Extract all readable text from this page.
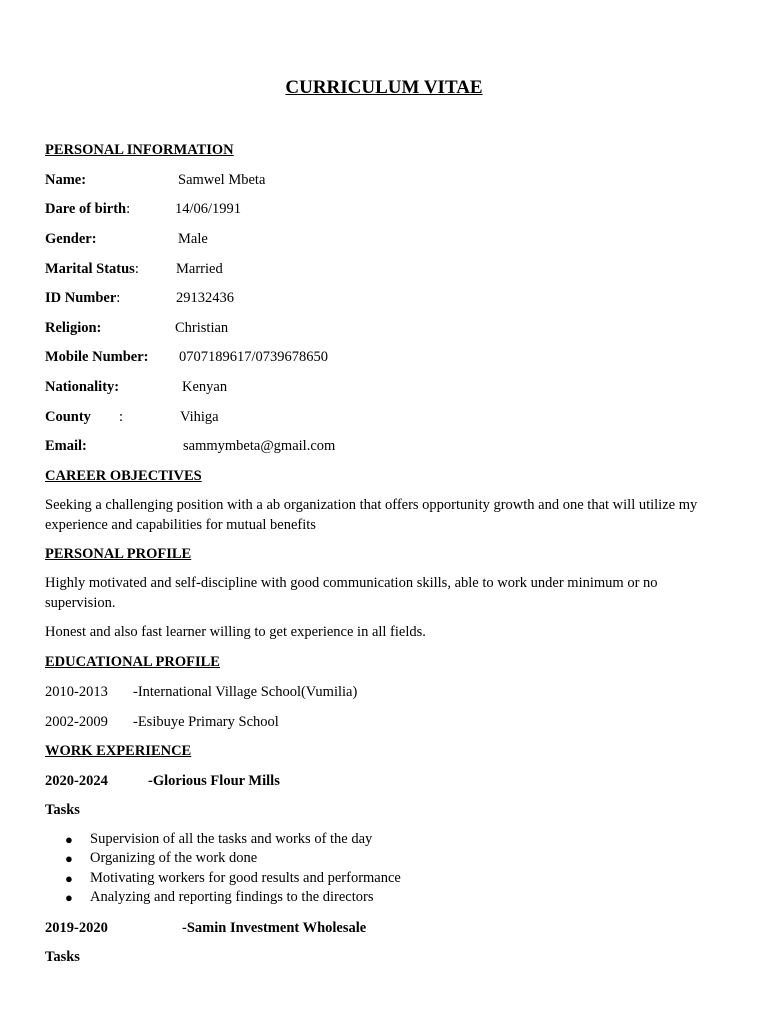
CURRICULUM VITAE
PERSONAL INFORMATION
Name:	Samwel Mbeta
Dare of birth:	14/06/1991
Gender:	Male
Marital Status:	Married
ID Number:	29132436
Religion:	Christian
Mobile Number: 0707189617/0739678650
Nationality:	Kenyan
County :	Vihiga
Email:	sammymbeta@gmail.com
CAREER OBJECTIVES

Seeking a challenging position with a ab organization that offers opportunity growth and one that will utilize my experience and capabilities for mutual benefits

PERSONAL PROFILE

Highly motivated and self-discipline with good communication skills, able to work under minimum or no supervision.

Honest and also fast learner willing to get experience in all fields.

EDUCATIONAL PROFILE
2010-2013 -International Village School(Vumilia)
2002-2009 -Esibuye Primary School
WORK EXPERIENCE
2020-2024	-Glorious Flour Mills

Tasks

● Supervision of all the tasks and works of the day
● Organizing of the work done
● Motivating workers for good results and performance
● Analyzing and reporting findings to the directors
2019-2020	-Samin Investment Wholesale

Tasks
